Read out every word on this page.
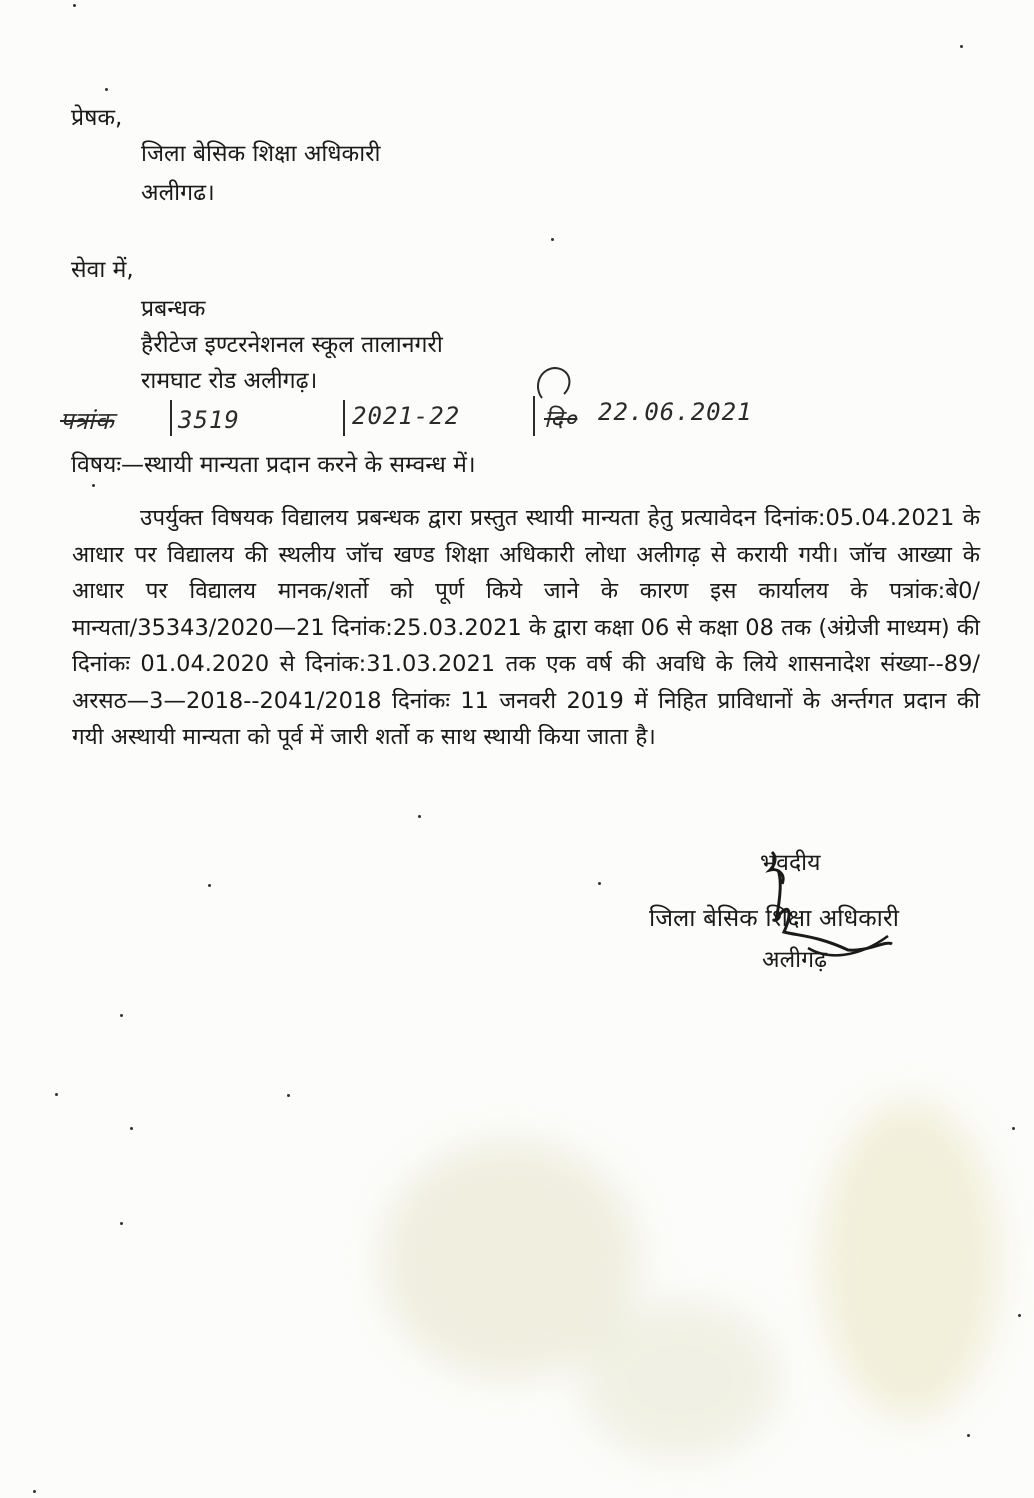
प्रेषक,
जिला बेसिक शिक्षा अधिकारी
अलीगढ।
सेवा में,
प्रबन्धक
हैरीटेज इण्टरनेशनल स्कूल तालानगरी
रामघाट रोड अलीगढ़।
पत्रांक	3519	2021-22	दि० 22.06.2021
विषयः—स्थायी मान्यता प्रदान करने के सम्वन्ध में।
उपर्युक्त विषयक विद्यालय प्रबन्धक द्वारा प्रस्तुत स्थायी मान्यता हेतु प्रत्यावेदन दिनांक:05.04.2021 के आधार पर विद्यालय की स्थलीय जॉच खण्ड शिक्षा अधिकारी लोधा अलीगढ़ से करायी गयी। जॉच आख्या के आधार पर विद्यालय मानक/शर्तो को पूर्ण किये जाने के कारण इस कार्यालय के पत्रांक:बे0/मान्यता/35343/2020—21 दिनांक:25.03.2021 के द्वारा कक्षा 06 से कक्षा 08 तक (अंग्रेजी माध्यम) की दिनांकः 01.04.2020 से दिनांक:31.03.2021 तक एक वर्ष की अवधि के लिये शासनादेश संख्या--89/अरसठ—3—2018--2041/2018 दिनांकः 11 जनवरी 2019 में निहित प्राविधानों के अर्न्तगत प्रदान की गयी अस्थायी मान्यता को पूर्व में जारी शर्तो क साथ स्थायी किया जाता है।
भवदीय
जिला बेसिक शिक्षा अधिकारी
अलीगढ़
